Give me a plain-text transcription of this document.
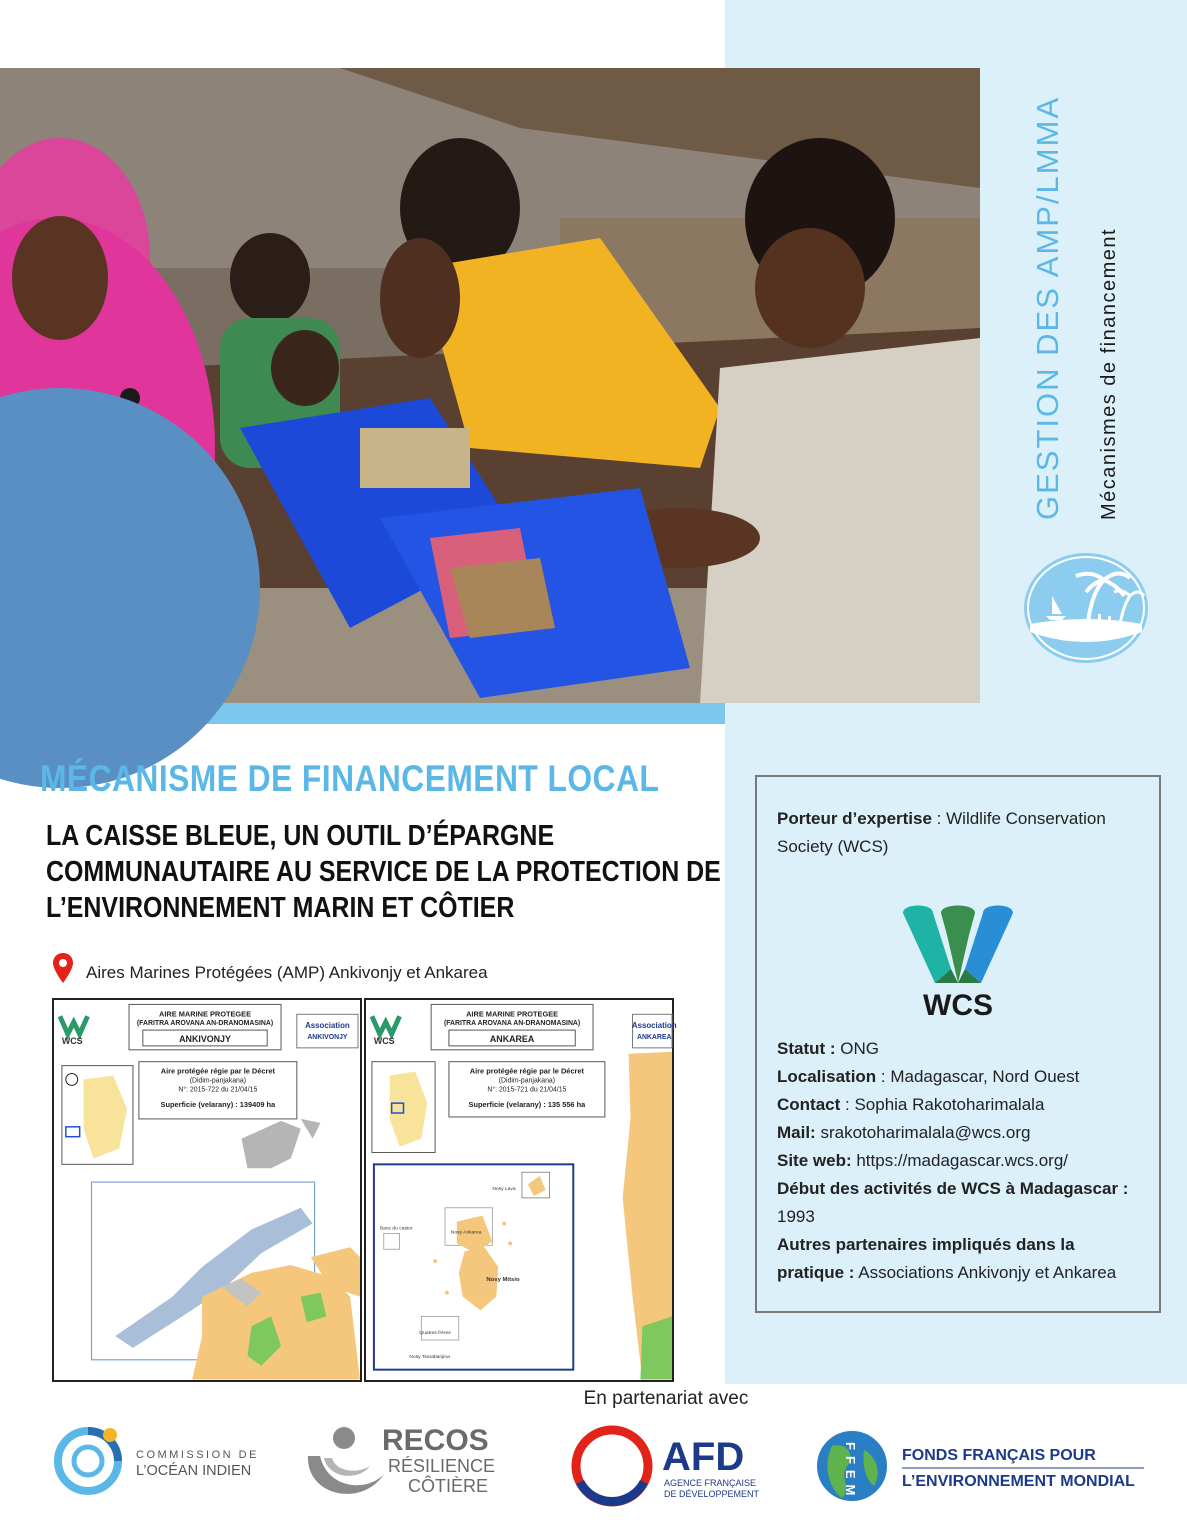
GESTION DES AMP/LMMA Mécanismes de financement
MÉCANISME DE FINANCEMENT LOCAL
LA CAISSE BLEUE, UN OUTIL D’ÉPARGNE
COMMUNAUTAIRE AU SERVICE DE LA PROTECTION DE
L’ENVIRONNEMENT MARIN ET CÔTIER
Aires Marines Protégées (AMP) Ankivonjy et Ankarea
WCS
AIRE MARINE PROTEGEE
(FARITRA AROVANA AN-DRANOMASINA)
ANKIVONJY
Association
ANKIVONJY
Aire protégée régie par le Décret
(Didim-panjakana)
N°: 2015-722 du 21/04/15
Superficie (velarany) : 139409 ha
WCS
AIRE MARINE PROTEGEE
(FARITRA AROVANA AN-DRANOMASINA)
ANKAREA
Association
ANKAREA
Aire protégée régie par le Décret
(Didim-panjakana)
N°: 2015-721 du 21/04/15
Superficie (velarany) : 135 556 ha
Nosy Lava
Banc du castor
Nosy Ankarea
Nosy Mitsio
Quatres frères
Nosy Tsarabanjina
Porteur d’expertise : Wildlife Conservation Society (WCS)
WCS
Statut : ONG
Localisation : Madagascar, Nord Ouest
Contact : Sophia Rakotoharimalala
Mail: srakotoharimalala@wcs.org
Site web: https://madagascar.wcs.org/
Début des activités de WCS à Madagascar : 1993
Autres partenaires impliqués dans la pratique : Associations Ankivonjy et Ankarea
En partenariat avec
COMMISSION DE
L’OCÉAN INDIEN
RECOS
RÉSILIENCE
CÔTIÈRE
AFD
AGENCE FRANÇAISE
DE DÉVELOPPEMENT	FFEM	FONDS FRANÇAIS POUR
L’ENVIRONNEMENT MONDIAL
